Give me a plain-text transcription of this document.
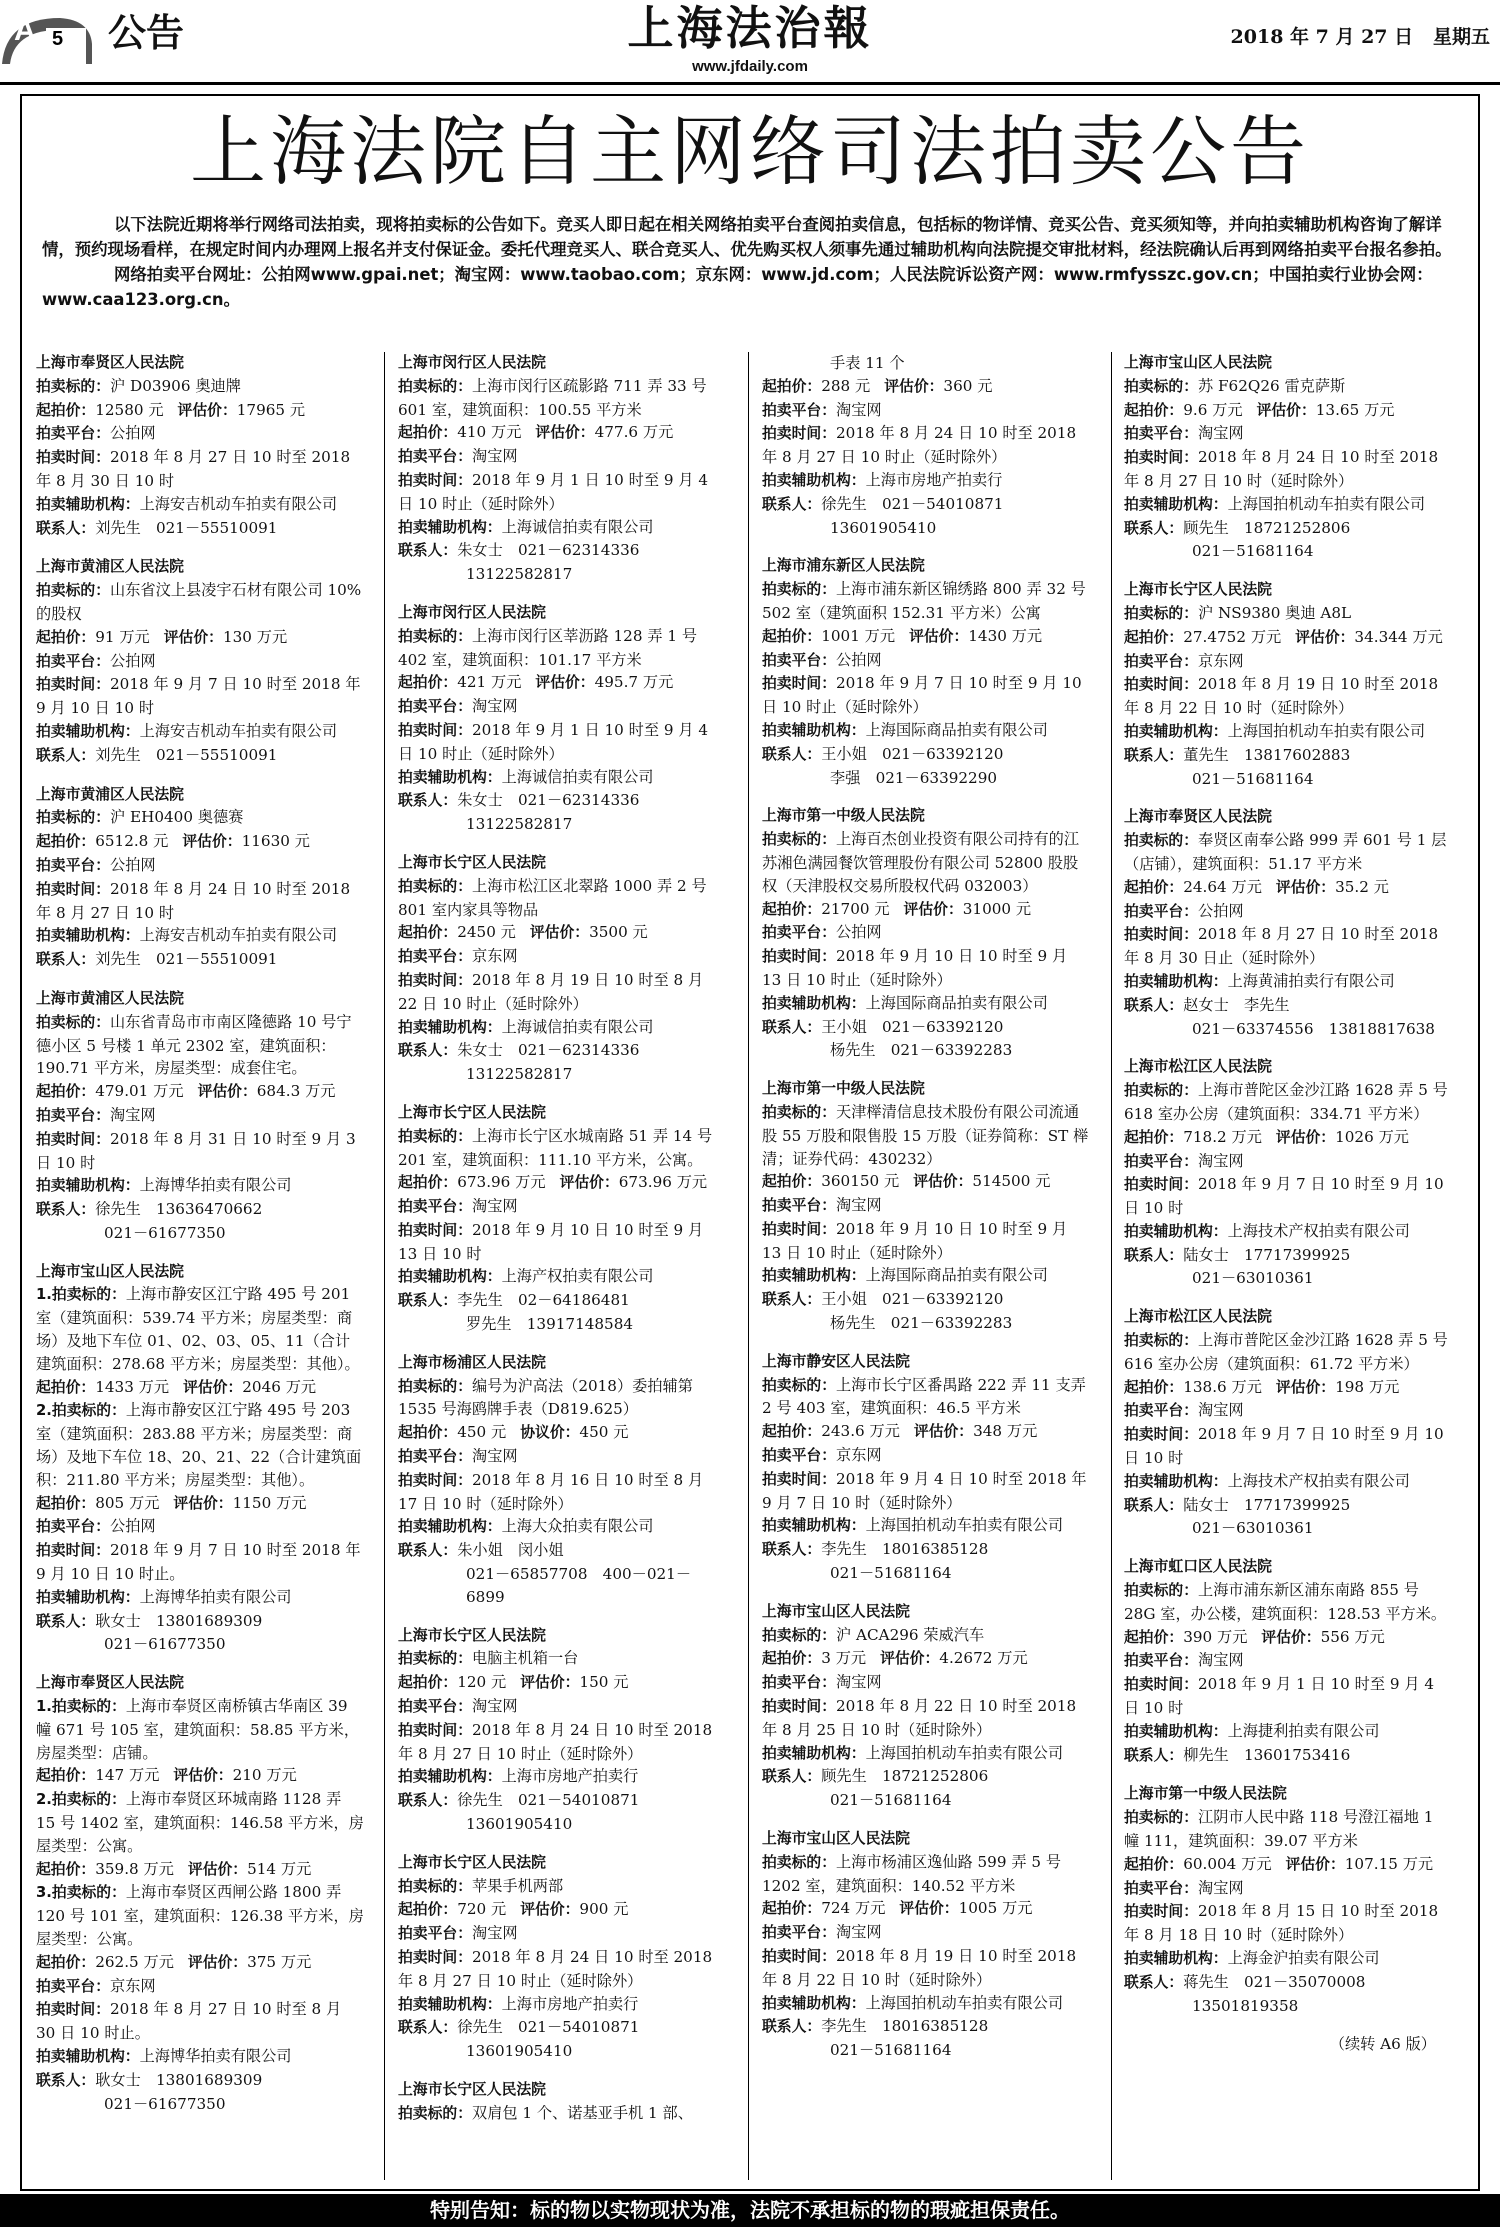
A 5 公告	上海法治報
www.jfdaily.com
2018 年 7 月 27 日   星期五
上海法院自主网络司法拍卖公告

以下法院近期将举行网络司法拍卖，现将拍卖标的公告如下。竞买人即日起在相关网络拍卖平台查阅拍卖信息，包括标的物详情、竞买公告、竞买须知等，并向拍卖辅助机构咨询了解详情，预约现场看样，在规定时间内办理网上报名并支付保证金。委托代理竞买人、联合竞买人、优先购买权人须事先通过辅助机构向法院提交审批材料，经法院确认后再到网络拍卖平台报名参拍。

网络拍卖平台网址：公拍网www.gpai.net；淘宝网：www.taobao.com；京东网：www.jd.com；人民法院诉讼资产网：www.rmfysszc.gov.cn；中国拍卖行业协会网：www.caa123.org.cn。

上海市奉贤区人民法院
拍卖标的：沪 D03906 奥迪牌
起拍价：12580 元 评估价：17965 元
拍卖平台：公拍网
拍卖时间：2018 年 8 月 27 日 10 时至 2018 年 8 月 30 日 10 时
拍卖辅助机构：上海安吉机动车拍卖有限公司
联系人：刘先生　021－55510091
上海市黄浦区人民法院
拍卖标的：山东省汶上县凌宇石材有限公司 10%的股权
起拍价：91 万元 评估价：130 万元
拍卖平台：公拍网
拍卖时间：2018 年 9 月 7 日 10 时至 2018 年 9 月 10 日 10 时
拍卖辅助机构：上海安吉机动车拍卖有限公司
联系人：刘先生　021－55510091
上海市黄浦区人民法院
拍卖标的：沪 EH0400 奥德赛
起拍价：6512.8 元 评估价：11630 元
拍卖平台：公拍网
拍卖时间：2018 年 8 月 24 日 10 时至 2018 年 8 月 27 日 10 时
拍卖辅助机构：上海安吉机动车拍卖有限公司
联系人：刘先生　021－55510091
上海市黄浦区人民法院
拍卖标的：山东省青岛市市南区隆德路 10 号宁德小区 5 号楼 1 单元 2302 室，建筑面积：190.71 平方米，房屋类型：成套住宅。
起拍价：479.01 万元 评估价：684.3 万元
拍卖平台：淘宝网
拍卖时间：2018 年 8 月 31 日 10 时至 9 月 3 日 10 时
拍卖辅助机构：上海博华拍卖有限公司
联系人：徐先生　13636470662
021－61677350
上海市宝山区人民法院
1.拍卖标的：上海市静安区江宁路 495 号 201 室（建筑面积：539.74 平方米；房屋类型：商场）及地下车位 01、02、03、05、11（合计建筑面积：278.68 平方米；房屋类型：其他）。
起拍价：1433 万元 评估价：2046 万元
2.拍卖标的：上海市静安区江宁路 495 号 203 室（建筑面积：283.88 平方米；房屋类型：商场）及地下车位 18、20、21、22（合计建筑面积：211.80 平方米；房屋类型：其他）。
起拍价：805 万元 评估价：1150 万元
拍卖平台：公拍网
拍卖时间：2018 年 9 月 7 日 10 时至 2018 年 9 月 10 日 10 时止。
拍卖辅助机构：上海博华拍卖有限公司
联系人：耿女士　13801689309
021－61677350
上海市奉贤区人民法院
1.拍卖标的：上海市奉贤区南桥镇古华南区 39 幢 671 号 105 室，建筑面积：58.85 平方米，房屋类型：店铺。
起拍价：147 万元 评估价：210 万元
2.拍卖标的：上海市奉贤区环城南路 1128 弄 15 号 1402 室，建筑面积：146.58 平方米，房屋类型：公寓。
起拍价：359.8 万元 评估价：514 万元
3.拍卖标的：上海市奉贤区西闸公路 1800 弄 120 号 101 室，建筑面积：126.38 平方米，房屋类型：公寓。
起拍价：262.5 万元 评估价：375 万元
拍卖平台：京东网
拍卖时间：2018 年 8 月 27 日 10 时至 8 月 30 日 10 时止。
拍卖辅助机构：上海博华拍卖有限公司
联系人：耿女士　13801689309
021－61677350
上海市闵行区人民法院
拍卖标的：上海市闵行区疏影路 711 弄 33 号 601 室，建筑面积：100.55 平方米
起拍价：410 万元 评估价：477.6 万元
拍卖平台：淘宝网
拍卖时间：2018 年 9 月 1 日 10 时至 9 月 4 日 10 时止（延时除外）
拍卖辅助机构：上海诚信拍卖有限公司
联系人：朱女士　021－62314336
13122582817
上海市闵行区人民法院
拍卖标的：上海市闵行区莘沥路 128 弄 1 号 402 室，建筑面积：101.17 平方米
起拍价：421 万元 评估价：495.7 万元
拍卖平台：淘宝网
拍卖时间：2018 年 9 月 1 日 10 时至 9 月 4 日 10 时止（延时除外）
拍卖辅助机构：上海诚信拍卖有限公司
联系人：朱女士　021－62314336
13122582817
上海市长宁区人民法院
拍卖标的：上海市松江区北翠路 1000 弄 2 号 801 室内家具等物品
起拍价：2450 元 评估价：3500 元
拍卖平台：京东网
拍卖时间：2018 年 8 月 19 日 10 时至 8 月 22 日 10 时止（延时除外）
拍卖辅助机构：上海诚信拍卖有限公司
联系人：朱女士　021－62314336
13122582817
上海市长宁区人民法院
拍卖标的：上海市长宁区水城南路 51 弄 14 号 201 室，建筑面积：111.10 平方米，公寓。
起拍价：673.96 万元 评估价：673.96 万元
拍卖平台：淘宝网
拍卖时间：2018 年 9 月 10 日 10 时至 9 月 13 日 10 时
拍卖辅助机构：上海产权拍卖有限公司
联系人：李先生　02－64186481
罗先生　13917148584
上海市杨浦区人民法院
拍卖标的：编号为沪高法（2018）委拍辅第 1535 号海鸥牌手表（D819.625）
起拍价：450 元 协议价：450 元
拍卖平台：淘宝网
拍卖时间：2018 年 8 月 16 日 10 时至 8 月 17 日 10 时（延时除外）
拍卖辅助机构：上海大众拍卖有限公司
联系人：朱小姐　闵小姐
021－65857708　400－021－6899
上海市长宁区人民法院
拍卖标的：电脑主机箱一台
起拍价：120 元 评估价：150 元
拍卖平台：淘宝网
拍卖时间：2018 年 8 月 24 日 10 时至 2018 年 8 月 27 日 10 时止（延时除外）
拍卖辅助机构：上海市房地产拍卖行
联系人：徐先生　021－54010871
13601905410
上海市长宁区人民法院
拍卖标的：苹果手机两部
起拍价：720 元 评估价：900 元
拍卖平台：淘宝网
拍卖时间：2018 年 8 月 24 日 10 时至 2018 年 8 月 27 日 10 时止（延时除外）
拍卖辅助机构：上海市房地产拍卖行
联系人：徐先生　021－54010871
13601905410
上海市长宁区人民法院
拍卖标的：双肩包 1 个、诺基亚手机 1 部、
手表 11 个
起拍价：288 元 评估价：360 元
拍卖平台：淘宝网
拍卖时间：2018 年 8 月 24 日 10 时至 2018 年 8 月 27 日 10 时止（延时除外）
拍卖辅助机构：上海市房地产拍卖行
联系人：徐先生　021－54010871
13601905410
上海市浦东新区人民法院
拍卖标的：上海市浦东新区锦绣路 800 弄 32 号 502 室（建筑面积 152.31 平方米）公寓
起拍价：1001 万元 评估价：1430 万元
拍卖平台：公拍网
拍卖时间：2018 年 9 月 7 日 10 时至 9 月 10 日 10 时止（延时除外）
拍卖辅助机构：上海国际商品拍卖有限公司
联系人：王小姐　021－63392120
李强　021－63392290
上海市第一中级人民法院
拍卖标的：上海百杰创业投资有限公司持有的江苏湘色满园餐饮管理股份有限公司 52800 股股权（天津股权交易所股权代码 032003）
起拍价：21700 元 评估价：31000 元
拍卖平台：公拍网
拍卖时间：2018 年 9 月 10 日 10 时至 9 月 13 日 10 时止（延时除外）
拍卖辅助机构：上海国际商品拍卖有限公司
联系人：王小姐　021－63392120
杨先生　021－63392283
上海市第一中级人民法院
拍卖标的：天津榉清信息技术股份有限公司流通股 55 万股和限售股 15 万股（证券简称：ST 榉清；证券代码：430232）
起拍价：360150 元 评估价：514500 元
拍卖平台：淘宝网
拍卖时间：2018 年 9 月 10 日 10 时至 9 月 13 日 10 时止（延时除外）
拍卖辅助机构：上海国际商品拍卖有限公司
联系人：王小姐　021－63392120
杨先生　021－63392283
上海市静安区人民法院
拍卖标的：上海市长宁区番禺路 222 弄 11 支弄 2 号 403 室，建筑面积：46.5 平方米
起拍价：243.6 万元 评估价：348 万元
拍卖平台：京东网
拍卖时间：2018 年 9 月 4 日 10 时至 2018 年 9 月 7 日 10 时（延时除外）
拍卖辅助机构：上海国拍机动车拍卖有限公司
联系人：李先生　18016385128
021－51681164
上海市宝山区人民法院
拍卖标的：沪 ACA296 荣威汽车
起拍价：3 万元 评估价：4.2672 万元
拍卖平台：淘宝网
拍卖时间：2018 年 8 月 22 日 10 时至 2018 年 8 月 25 日 10 时（延时除外）
拍卖辅助机构：上海国拍机动车拍卖有限公司
联系人：顾先生　18721252806
021－51681164
上海市宝山区人民法院
拍卖标的：上海市杨浦区逸仙路 599 弄 5 号 1202 室，建筑面积：140.52 平方米
起拍价：724 万元 评估价：1005 万元
拍卖平台：淘宝网
拍卖时间：2018 年 8 月 19 日 10 时至 2018 年 8 月 22 日 10 时（延时除外）
拍卖辅助机构：上海国拍机动车拍卖有限公司
联系人：李先生　18016385128
021－51681164
上海市宝山区人民法院
拍卖标的：苏 F62Q26 雷克萨斯
起拍价：9.6 万元 评估价：13.65 万元
拍卖平台：淘宝网
拍卖时间：2018 年 8 月 24 日 10 时至 2018 年 8 月 27 日 10 时（延时除外）
拍卖辅助机构：上海国拍机动车拍卖有限公司
联系人：顾先生　18721252806
021－51681164
上海市长宁区人民法院
拍卖标的：沪 NS9380 奥迪 A8L
起拍价：27.4752 万元 评估价：34.344 万元
拍卖平台：京东网
拍卖时间：2018 年 8 月 19 日 10 时至 2018 年 8 月 22 日 10 时（延时除外）
拍卖辅助机构：上海国拍机动车拍卖有限公司
联系人：董先生　13817602883
021－51681164
上海市奉贤区人民法院
拍卖标的：奉贤区南奉公路 999 弄 601 号 1 层（店铺），建筑面积：51.17 平方米
起拍价：24.64 万元 评估价：35.2 元
拍卖平台：公拍网
拍卖时间：2018 年 8 月 27 日 10 时至 2018 年 8 月 30 日止（延时除外）
拍卖辅助机构：上海黄浦拍卖行有限公司
联系人：赵女士　李先生
021－63374556　13818817638
上海市松江区人民法院
拍卖标的：上海市普陀区金沙江路 1628 弄 5 号 618 室办公房（建筑面积：334.71 平方米）
起拍价：718.2 万元 评估价：1026 万元
拍卖平台：淘宝网
拍卖时间：2018 年 9 月 7 日 10 时至 9 月 10 日 10 时
拍卖辅助机构：上海技术产权拍卖有限公司
联系人：陆女士　17717399925
021－63010361
上海市松江区人民法院
拍卖标的：上海市普陀区金沙江路 1628 弄 5 号 616 室办公房（建筑面积：61.72 平方米）
起拍价：138.6 万元 评估价：198 万元
拍卖平台：淘宝网
拍卖时间：2018 年 9 月 7 日 10 时至 9 月 10 日 10 时
拍卖辅助机构：上海技术产权拍卖有限公司
联系人：陆女士　17717399925
021－63010361
上海市虹口区人民法院
拍卖标的：上海市浦东新区浦东南路 855 号 28G 室，办公楼，建筑面积：128.53 平方米。
起拍价：390 万元 评估价：556 万元
拍卖平台：淘宝网
拍卖时间：2018 年 9 月 1 日 10 时至 9 月 4 日 10 时
拍卖辅助机构：上海捷利拍卖有限公司
联系人：柳先生　13601753416
上海市第一中级人民法院
拍卖标的：江阴市人民中路 118 号澄江福地 1 幢 111，建筑面积：39.07 平方米
起拍价：60.004 万元 评估价：107.15 万元
拍卖平台：淘宝网
拍卖时间：2018 年 8 月 15 日 10 时至 2018 年 8 月 18 日 10 时（延时除外）
拍卖辅助机构：上海金沪拍卖有限公司
联系人：蒋先生　021－35070008
13501819358
（续转 A6 版）
特别告知：标的物以实物现状为准，法院不承担标的物的瑕疵担保责任。
